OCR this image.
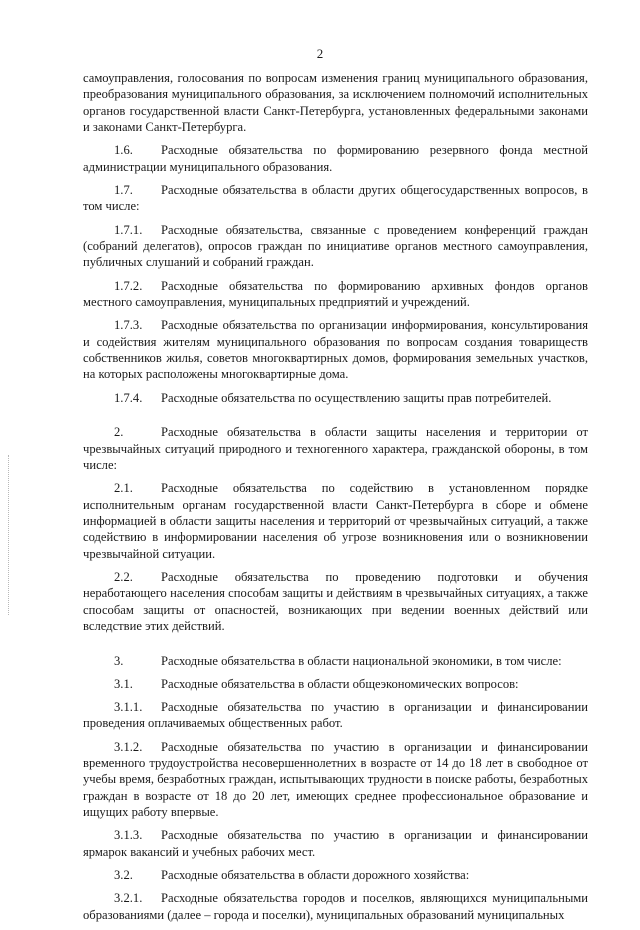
2

самоуправления, голосования по вопросам изменения границ муниципального образования, преобразования муниципального образования, за исключением полномочий исполнительных органов государственной власти Санкт-Петербурга, установленных федеральными законами и законами Санкт-Петербурга.

1.6. Расходные обязательства по формированию резервного фонда местной администрации муниципального образования.

1.7. Расходные обязательства в области других общегосударственных вопросов, в том числе:

1.7.1. Расходные обязательства, связанные с проведением конференций граждан (собраний делегатов), опросов граждан по инициативе органов местного самоуправления, публичных слушаний и собраний граждан.

1.7.2. Расходные обязательства по формированию архивных фондов органов местного самоуправления, муниципальных предприятий и учреждений.

1.7.3. Расходные обязательства по организации информирования, консультирования и содействия жителям муниципального образования по вопросам создания товариществ собственников жилья, советов многоквартирных домов, формирования земельных участков, на которых расположены многоквартирные дома.

1.7.4. Расходные обязательства по осуществлению защиты прав потребителей.

2.	Расходные обязательства в области защиты населения и территории от чрезвычайных ситуаций природного и техногенного характера, гражданской обороны, в том числе:

2.1. Расходные обязательства по содействию в установленном порядке исполнительным органам государственной власти Санкт-Петербурга в сборе и обмене информацией в области защиты населения и территорий от чрезвычайных ситуаций, а также содействию в информировании населения об угрозе возникновения или о возникновении чрезвычайной ситуации.

2.2. Расходные обязательства по проведению подготовки и обучения неработающего населения способам защиты и действиям в чрезвычайных ситуациях, а также способам защиты от опасностей, возникающих при ведении военных действий или вследствие этих действий.

3.	Расходные обязательства в области национальной экономики, в том числе:

3.1. Расходные обязательства в области общеэкономических вопросов:

3.1.1. Расходные обязательства по участию в организации и финансировании проведения оплачиваемых общественных работ.

3.1.2. Расходные обязательства по участию в организации и финансировании временного трудоустройства несовершеннолетних в возрасте от 14 до 18 лет в свободное от учебы время, безработных граждан, испытывающих трудности в поиске работы, безработных граждан в возрасте от 18 до 20 лет, имеющих среднее профессиональное образование и ищущих работу впервые.

3.1.3. Расходные обязательства по участию в организации и финансировании ярмарок вакансий и учебных рабочих мест.

3.2. Расходные обязательства в области дорожного хозяйства:

3.2.1. Расходные обязательства городов и поселков, являющихся муниципальными образованиями (далее – города и поселки), муниципальных образований муниципальных
